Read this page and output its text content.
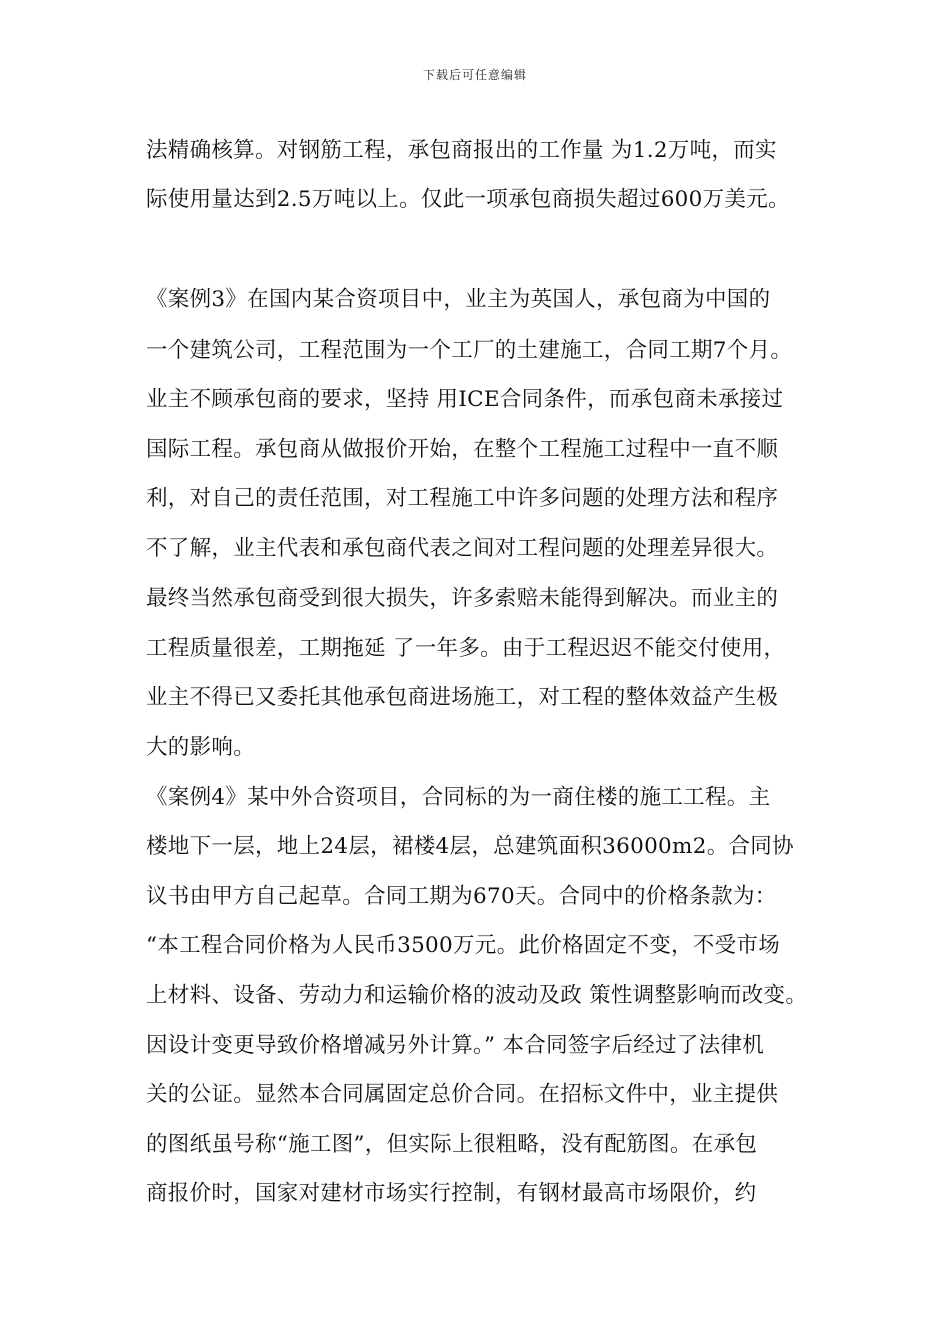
下载后可任意编辑
法精确核算。对钢筋工程，承包商报出的工作量 为1.2万吨，而实
际使用量达到2.5万吨以上。仅此一项承包商损失超过600万美元。
《案例3》在国内某合资项目中，业主为英国人，承包商为中国的
一个建筑公司，工程范围为一个工厂的土建施工，合同工期7个月。
业主不顾承包商的要求，坚持 用ICE合同条件，而承包商未承接过
国际工程。承包商从做报价开始，在整个工程施工过程中一直不顺
利，对自己的责任范围，对工程施工中许多问题的处理方法和程序
不了解，业主代表和承包商代表之间对工程问题的处理差异很大。
最终当然承包商受到很大损失，许多索赔未能得到解决。而业主的
工程质量很差，工期拖延 了一年多。由于工程迟迟不能交付使用，
业主不得已又委托其他承包商进场施工，对工程的整体效益产生极
大的影响。
《案例4》某中外合资项目，合同标的为一商住楼的施工工程。主
楼地下一层，地上24层，裙楼4层，总建筑面积36000m2。合同协
议书由甲方自己起草。合同工期为670天。合同中的价格条款为：
“本工程合同价格为人民币3500万元。此价格固定不变，不受市场
上材料、设备、劳动力和运输价格的波动及政 策性调整影响而改变。
因设计变更导致价格增减另外计算。” 本合同签字后经过了法律机
关的公证。显然本合同属固定总价合同。在招标文件中，业主提供
的图纸虽号称“施工图”，但实际上很粗略，没有配筋图。在承包
商报价时，国家对建材市场实行控制，有钢材最高市场限价，约
